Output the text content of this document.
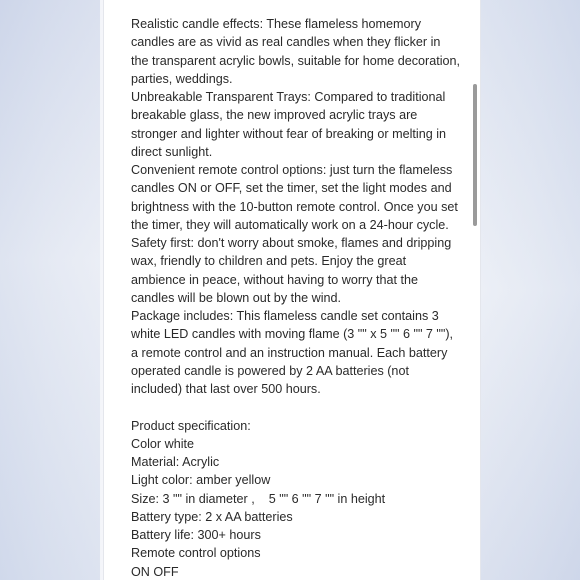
Realistic candle effects: These flameless homemory candles are as vivid as real candles when they flicker in the transparent acrylic bowls, suitable for home decoration, parties, weddings.

Unbreakable Transparent Trays: Compared to traditional breakable glass, the new improved acrylic trays are stronger and lighter without fear of breaking or melting in direct sunlight.

Convenient remote control options: just turn the flameless candles ON or OFF, set the timer, set the light modes and brightness with the 10-button remote control. Once you set the timer, they will automatically work on a 24-hour cycle.

Safety first: don't worry about smoke, flames and dripping wax, friendly to children and pets. Enjoy the great ambience in peace, without having to worry that the candles will be blown out by the wind.

Package includes: This flameless candle set contains 3 white LED candles with moving flame (3 "" x 5 "" 6 "" 7 ""), a remote control and an instruction manual. Each battery operated candle is powered by 2 AA batteries (not included) that last over 500 hours.

Product specification:

Color white

Material: Acrylic

Light color: amber yellow

Size: 3 "" in diameter ,    5 "" 6 "" 7 "" in height

Battery type: 2 x AA batteries

Battery life: 300+ hours

Remote control options

ON OFF
